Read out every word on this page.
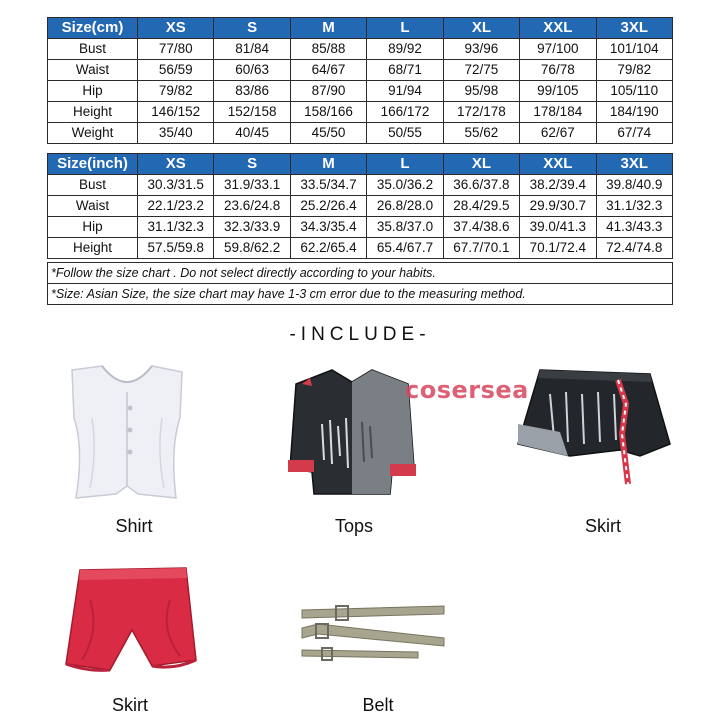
Size(cm)	XS	S	M	L	XL	XXL	3XL
Bust	77/80	81/84	85/88	89/92	93/96	97/100	101/104
Waist	56/59	60/63	64/67	68/71	72/75	76/78	79/82
Hip	79/82	83/86	87/90	91/94	95/98	99/105	105/110
Height	146/152	152/158	158/166	166/172	172/178	178/184	184/190
Weight	35/40	40/45	45/50	50/55	55/62	62/67	67/74
Size(inch)	XS	S	M	L	XL	XXL	3XL
Bust	30.3/31.5	31.9/33.1	33.5/34.7	35.0/36.2	36.6/37.8	38.2/39.4	39.8/40.9
Waist	22.1/23.2	23.6/24.8	25.2/26.4	26.8/28.0	28.4/29.5	29.9/30.7	31.1/32.3
Hip	31.1/32.3	32.3/33.9	34.3/35.4	35.8/37.0	37.4/38.6	39.0/41.3	41.3/43.3
Height	57.5/59.8	59.8/62.2	62.2/65.4	65.4/67.7	67.7/70.1	70.1/72.4	72.4/74.8
*Follow the size chart . Do not select directly according to your habits.
*Size: Asian Size, the size chart may have 1-3 cm error due to the measuring method.
-INCLUDE-
Shirt	Tops
cosersea
Skirt
Skirt	Belt
